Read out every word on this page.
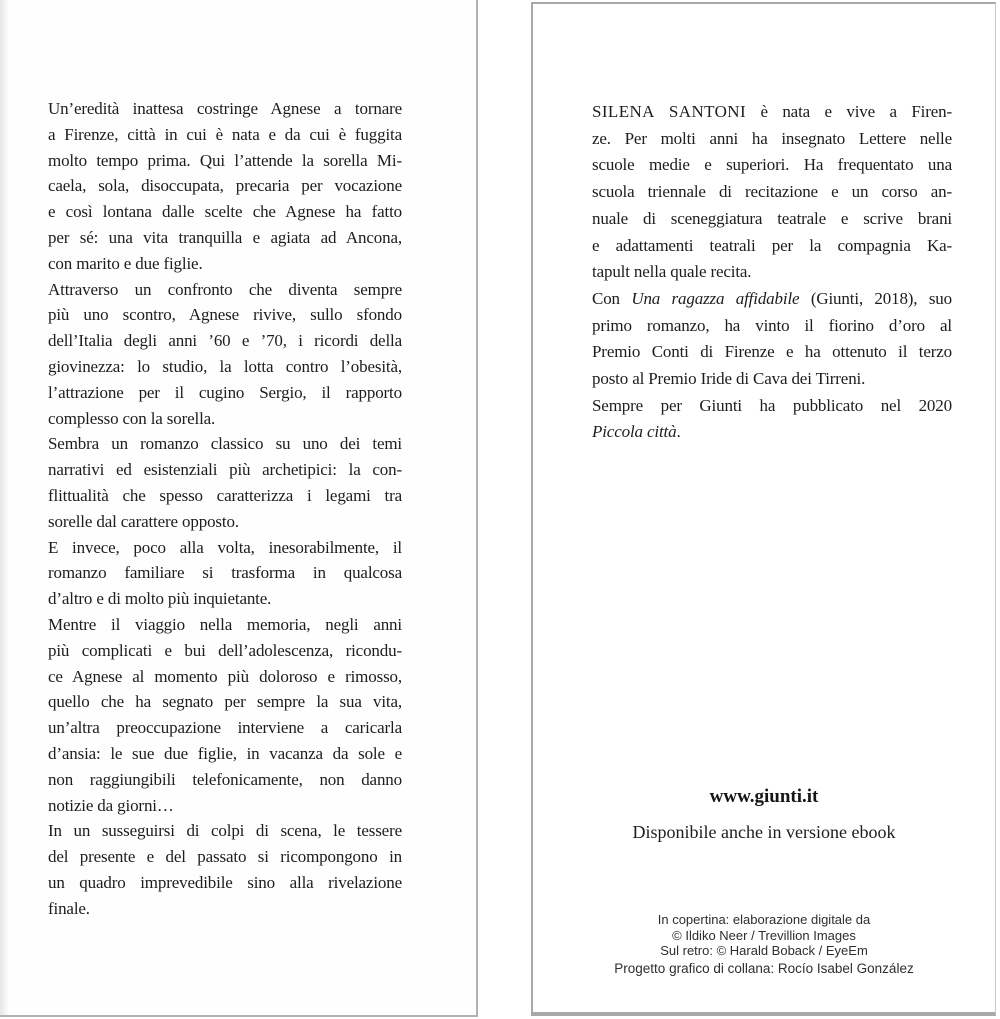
Un’eredità inattesa costringe Agnese a tornare
a Firenze, città in cui è nata e da cui è fuggita
molto tempo prima. Qui l’attende la sorella Mi-
caela, sola, disoccupata, precaria per vocazione
e così lontana dalle scelte che Agnese ha fatto
per sé: una vita tranquilla e agiata ad Ancona,
con marito e due figlie.
Attraverso un confronto che diventa sempre
più uno scontro, Agnese rivive, sullo sfondo
dell’Italia degli anni ’60 e ’70, i ricordi della
giovinezza: lo studio, la lotta contro l’obesità,
l’attrazione per il cugino Sergio, il rapporto
complesso con la sorella.
Sembra un romanzo classico su uno dei temi
narrativi ed esistenziali più archetipici: la con-
flittualità che spesso caratterizza i legami tra
sorelle dal carattere opposto.
E invece, poco alla volta, inesorabilmente, il
romanzo familiare si trasforma in qualcosa
d’altro e di molto più inquietante.
Mentre il viaggio nella memoria, negli anni
più complicati e bui dell’adolescenza, ricondu-
ce Agnese al momento più doloroso e rimosso,
quello che ha segnato per sempre la sua vita,
un’altra preoccupazione interviene a caricarla
d’ansia: le sue due figlie, in vacanza da sole e
non raggiungibili telefonicamente, non danno
notizie da giorni…
In un susseguirsi di colpi di scena, le tessere
del presente e del passato si ricompongono in
un quadro imprevedibile sino alla rivelazione
finale.
SILENA SANTONI è nata e vive a Firen-
ze. Per molti anni ha insegnato Lettere nelle
scuole medie e superiori. Ha frequentato una
scuola triennale di recitazione e un corso an-
nuale di sceneggiatura teatrale e scrive brani
e adattamenti teatrali per la compagnia Ka-
tapult nella quale recita.
Con Una ragazza affidabile (Giunti, 2018), suo
primo romanzo, ha vinto il fiorino d’oro al
Premio Conti di Firenze e ha ottenuto il terzo
posto al Premio Iride di Cava dei Tirreni.
Sempre per Giunti ha pubblicato nel 2020
Piccola città.
www.giunti.it
Disponibile anche in versione ebook
In copertina: elaborazione digitale da
© Ildiko Neer / Trevillion Images
Sul retro: © Harald Boback / EyeEm
Progetto grafico di collana: Rocío Isabel González
